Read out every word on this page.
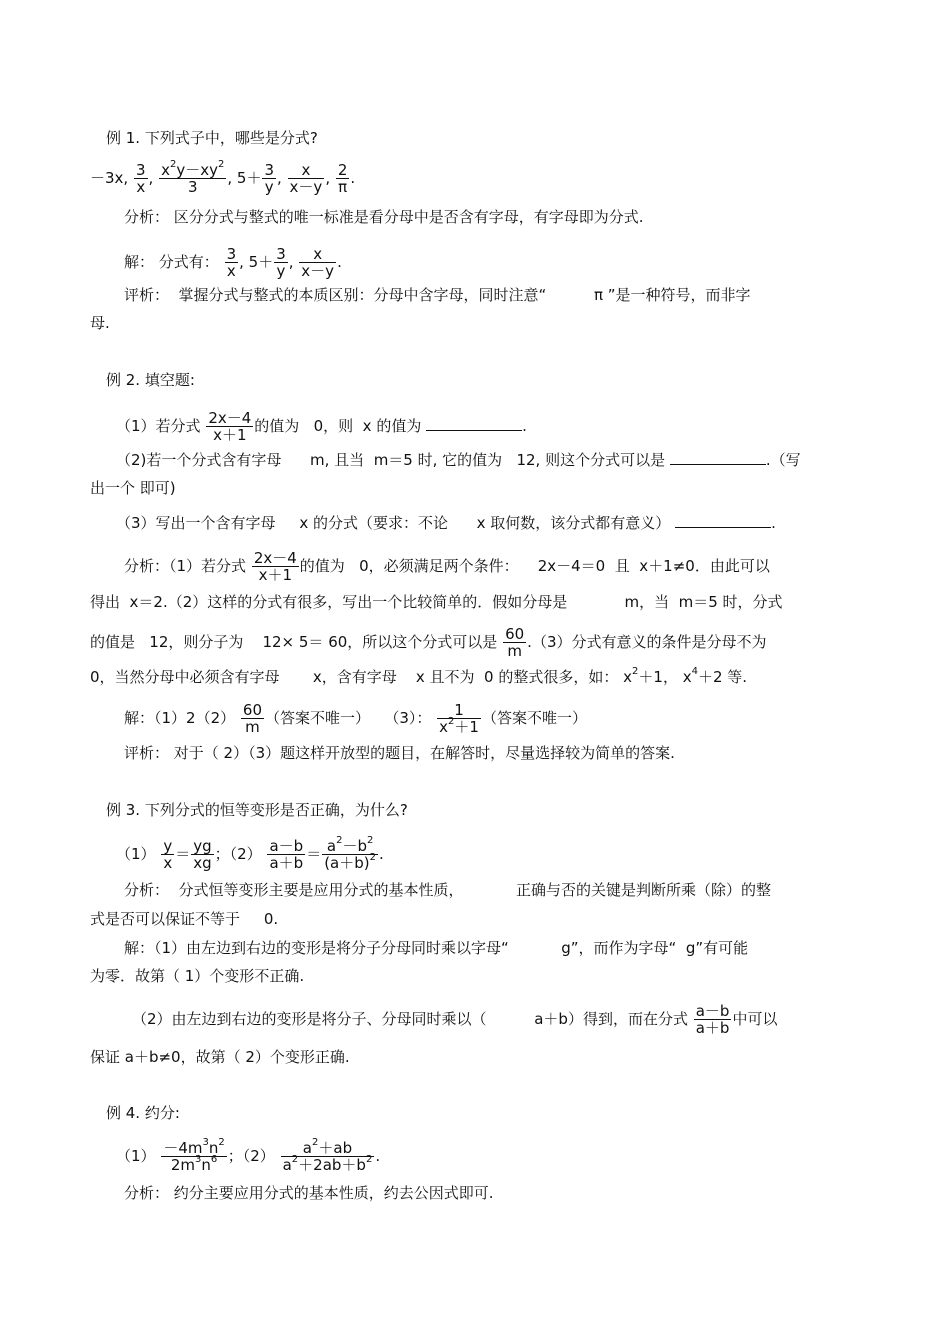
例 1. 下列式子中，哪些是分式?
－3x, $\frac{3}{x}$ , $\frac{x^2y-xy^2}{3}$ , $5+ \frac{3}{y}$ , $\frac{x}{x-y}$ , $\frac{2}{\pi}$ .
分析： 区分分式与整式的唯一标准是看分母中是否含有字母，有字母即为分式.
解： 分式有： $\frac{3}{x}$ , $5+ \frac{3}{y}$ , $\frac{x}{x-y}$ .
评析：  掌握分式与整式的本质区别：分母中含字母，同时注意“          π ”是一种符号，而非字
母.
例 2. 填空题:
（1）若分式 $\frac{2x-4}{x+1}$ 的值为   0，则  x 的值为	.
（2)若一个分式含有字母      m, 且当  m＝5 时, 它的值为   12, 则这个分式可以是	.（写
出一个 即可)
（3）写出一个含有字母     x 的分式（要求：不论      x 取何数，该分式都有意义）	.
分析：（1）若分式 $\frac{2x-4}{x+1}$ 的值为   0，必须满足两个条件：    2x－4＝0  且  x＋1≠0．由此可以
得出  x＝2.（2）这样的分式有很多，写出一个比较简单的．假如分母是            m，当  m＝5 时，分式
的值是   12，则分子为    12× 5＝ 60，所以这个分式可以是 $\frac{60}{m} .(3)$分式有意义的条件是分母不为
0，当然分母中必须含有字母       x，含有字母    x 且不为  0 的整式很多，如： $x^2+1$， $x^4+2$ 等.
解：$(1)2(2) \frac{60}{m}$ （答案不唯一）   （3）： $\frac{1}{x^2+1}$ （答案不唯一）
评析： 对于（ 2）（3）题这样开放型的题目，在解答时，尽量选择较为简单的答案.
例 3. 下列分式的恒等变形是否正确，为什么?
$(1) \frac{y}{x} = \frac{yg}{xg}$ ；$(2) \frac{a-b}{a+b} = \frac{a^2-b^2}{(a+b)^2}$ .
分析：  分式恒等变形主要是应用分式的基本性质，           正确与否的关键是判断所乘（除）的整
式是否可以保证不等于     0.
解：（1）由左边到右边的变形是将分子分母同时乘以字母“           g”，而作为字母“  g”有可能
为零．故第（ 1）个变形不正确.
（2）由左边到右边的变形是将分子、分母同时乘以（          a＋b）得到，而在分式 $\frac{a-b}{a+b}$ 中可以
保证 a＋b≠0，故第（ 2）个变形正确.
例 4. 约分:
$(1) \frac{-4m^3n^2}{2m^3n^6}$ ；$(2) \frac{a^2+ab}{a^2+2ab+b^2}$ .
分析： 约分主要应用分式的基本性质，约去公因式即可.
